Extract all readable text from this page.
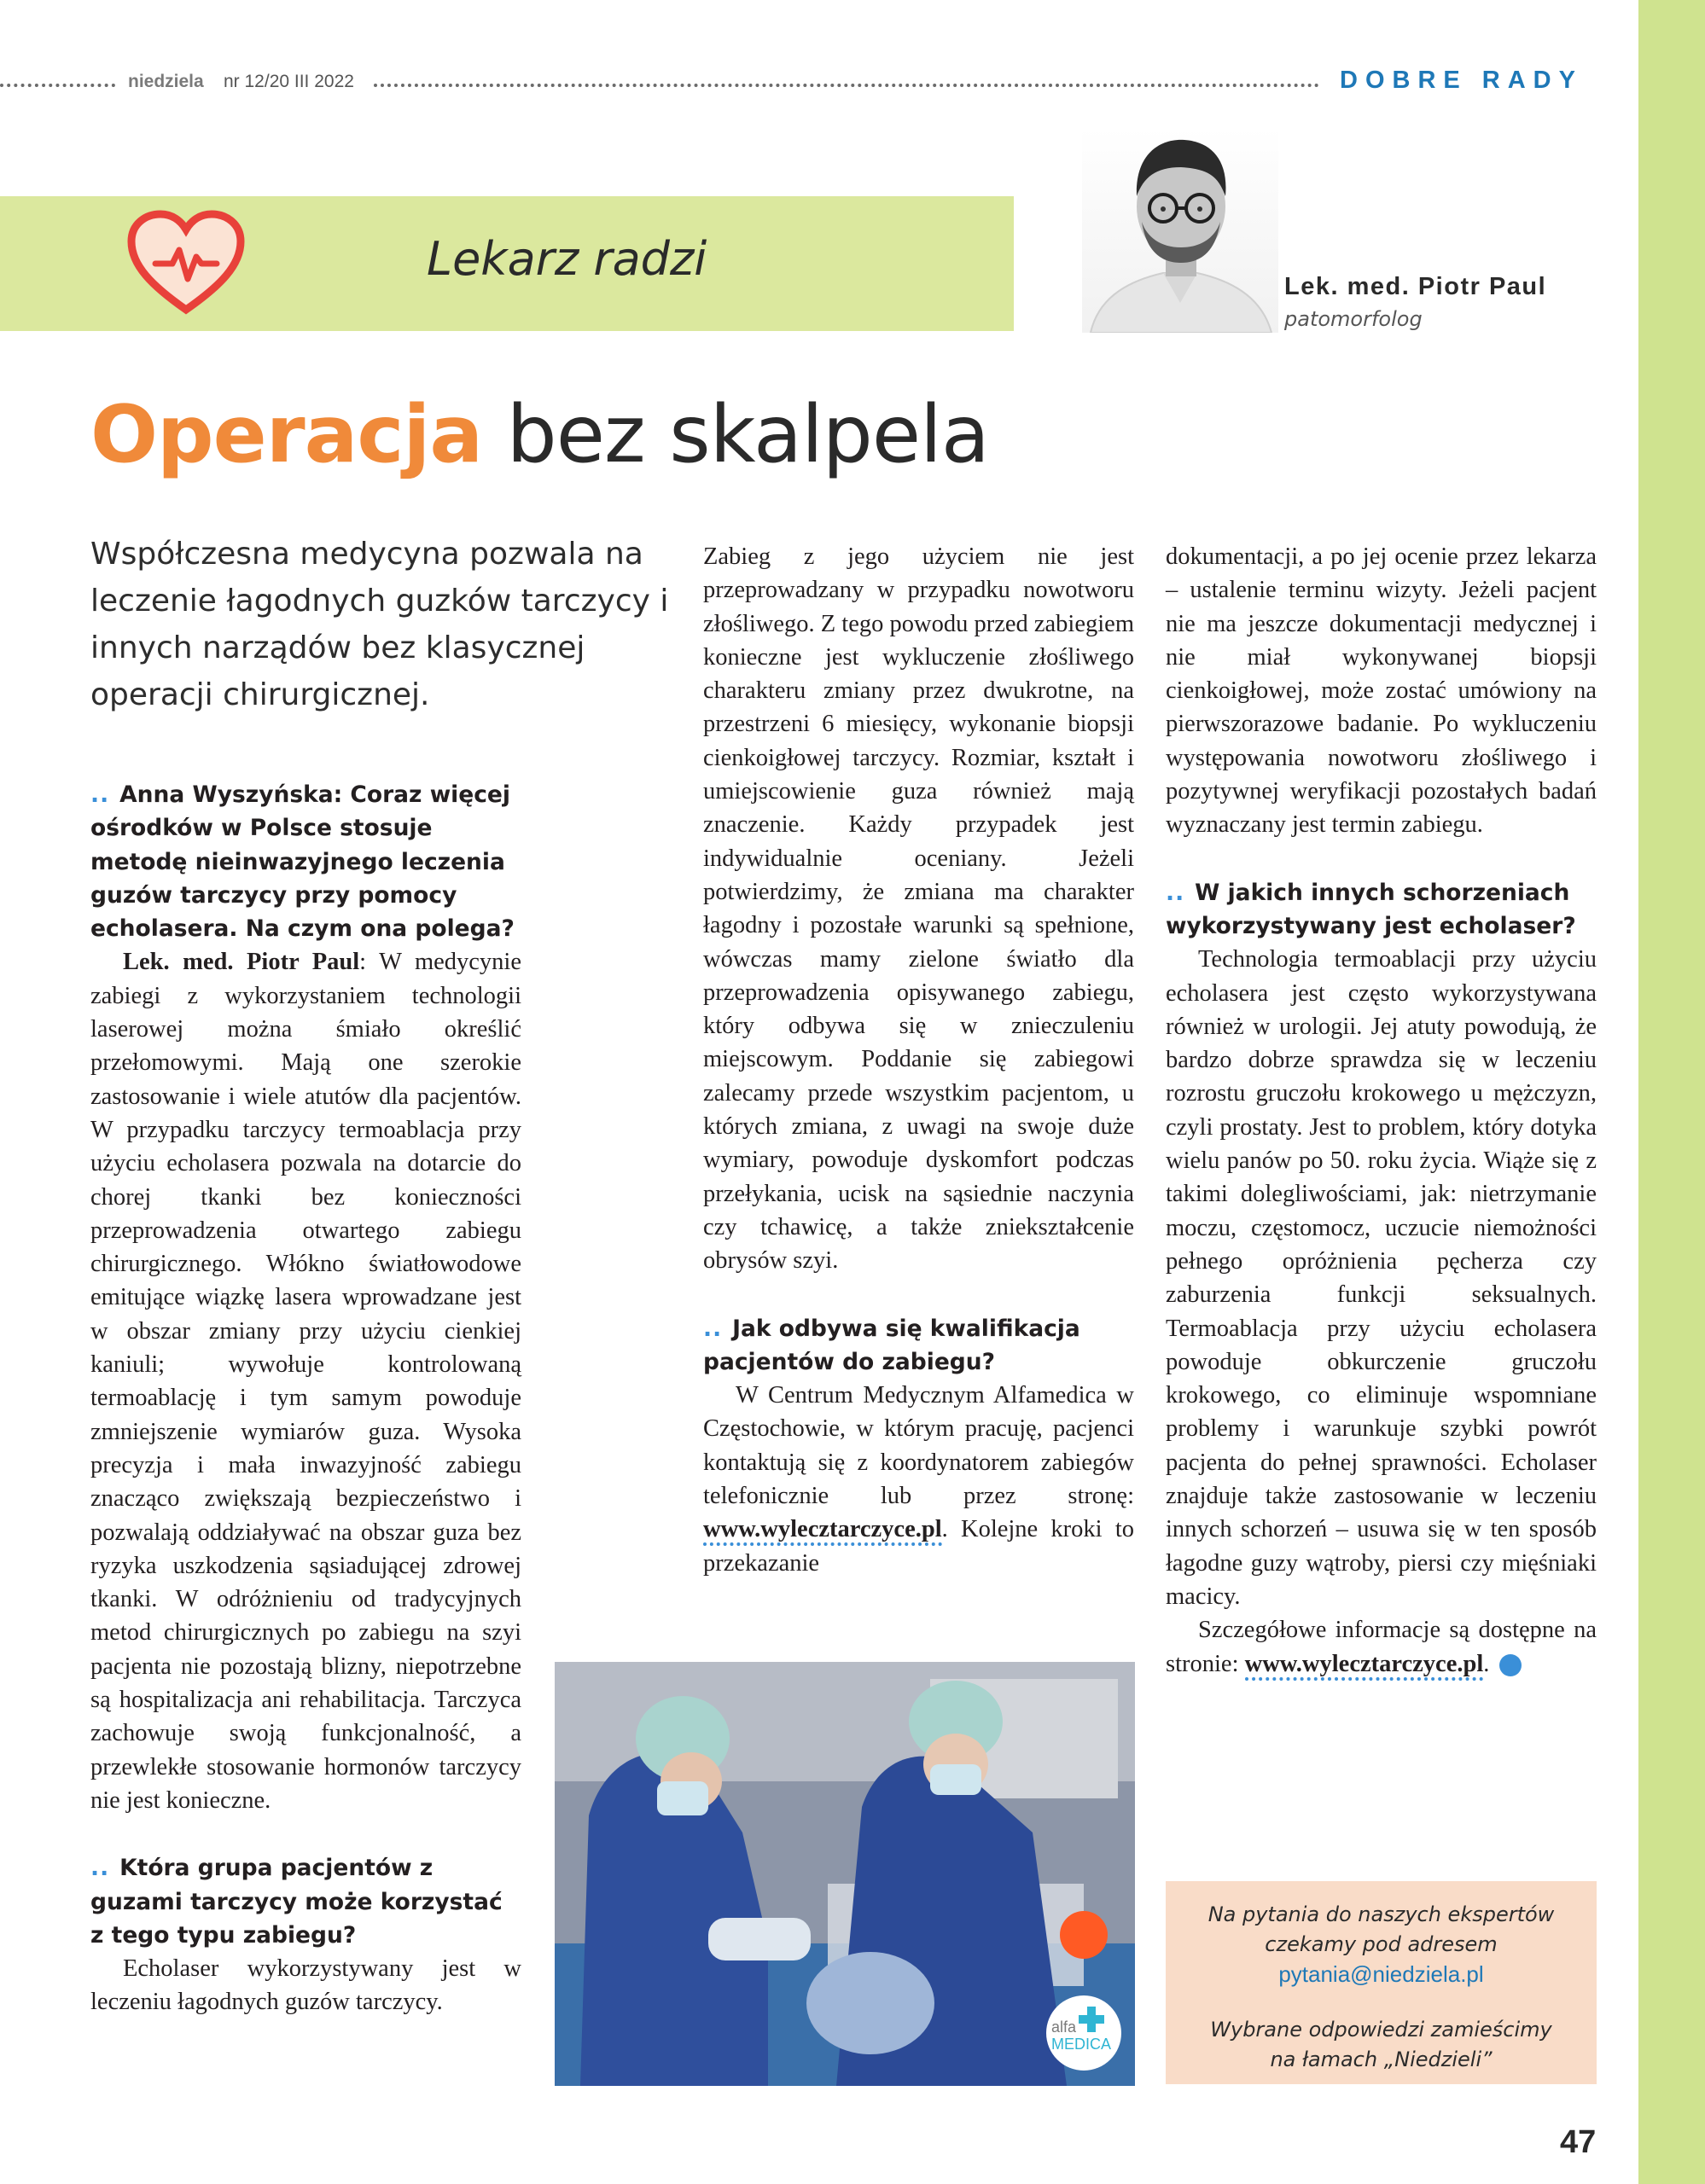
niedziela nr 12/20 III 2022	DOBRE RADY
Lekarz radzi
Lek. med. Piotr Paul
patomorfolog
Operacja bez skalpela
Współczesna medycyna pozwala na leczenie łagodnych guzków tarczycy i innych narządów bez klasycznej operacji chirurgicznej.

.. Anna Wyszyńska: Coraz więcej ośrodków w Polsce stosuje metodę nieinwazyjnego leczenia guzów tarczycy przy pomocy echolasera. Na czym ona polega?

Lek. med. Piotr Paul: W medycynie zabiegi z wykorzystaniem technologii laserowej można śmiało określić przełomowymi. Mają one szerokie zastosowanie i wiele atutów dla pacjentów. W przypadku tarczycy termoablacja przy użyciu echolasera pozwala na dotarcie do chorej tkanki bez konieczności przeprowadzenia otwartego zabiegu chirurgicznego. Włókno światłowodowe emitujące wiązkę lasera wprowadzane jest w obszar zmiany przy użyciu cienkiej kaniuli; wywołuje kontrolowaną termoablację i tym samym powoduje zmniejszenie wymiarów guza. Wysoka precyzja i mała inwazyjność zabiegu znacząco zwiększają bezpieczeństwo i pozwalają oddziaływać na obszar guza bez ryzyka uszkodzenia sąsiadującej zdrowej tkanki. W odróżnieniu od tradycyjnych metod chirurgicznych po zabiegu na szyi pacjenta nie pozostają blizny, niepotrzebne są hospitalizacja ani rehabilitacja. Tarczyca zachowuje swoją funkcjonalność, a przewlekłe stosowanie hormonów tarczycy nie jest konieczne.

.. Która grupa pacjentów z guzami tarczycy może korzystać z tego typu zabiegu?

Echolaser wykorzystywany jest w leczeniu łagodnych guzów tarczycy.

Zabieg z jego użyciem nie jest przeprowadzany w przypadku nowotworu złośliwego. Z tego powodu przed zabiegiem konieczne jest wykluczenie złośliwego charakteru zmiany przez dwukrotne, na przestrzeni 6 miesięcy, wykonanie biopsji cienkoigłowej tarczycy. Rozmiar, kształt i umiejscowienie guza również mają znaczenie. Każdy przypadek jest indywidualnie oceniany. Jeżeli potwierdzimy, że zmiana ma charakter łagodny i pozostałe warunki są spełnione, wówczas mamy zielone światło dla przeprowadzenia opisywanego zabiegu, który odbywa się w znieczuleniu miejscowym. Poddanie się zabiegowi zalecamy przede wszystkim pacjentom, u których zmiana, z uwagi na swoje duże wymiary, powoduje dyskomfort podczas przełykania, ucisk na sąsiednie naczynia czy tchawicę, a także zniekształcenie obrysów szyi.

.. Jak odbywa się kwalifikacja pacjentów do zabiegu?

W Centrum Medycznym Alfamedica w Częstochowie, w którym pracuję, pacjenci kontaktują się z koordynatorem zabiegów telefonicznie lub przez stronę: www.wylecztarczyce.pl. Kolejne kroki to przekazanie

alfa
MEDICA

dokumentacji, a po jej ocenie przez lekarza – ustalenie terminu wizyty. Jeżeli pacjent nie ma jeszcze dokumentacji medycznej i nie miał wykonywanej biopsji cienkoigłowej, może zostać umówiony na pierwszorazowe badanie. Po wykluczeniu występowania nowotworu złośliwego i pozytywnej weryfikacji pozostałych badań wyznaczany jest termin zabiegu.

.. W jakich innych schorzeniach wykorzystywany jest echolaser?

Technologia termoablacji przy użyciu echolasera jest często wykorzystywana również w urologii. Jej atuty powodują, że bardzo dobrze sprawdza się w leczeniu rozrostu gruczołu krokowego u mężczyzn, czyli prostaty. Jest to problem, który dotyka wielu panów po 50. roku życia. Wiąże się z takimi dolegliwościami, jak: nietrzymanie moczu, częstomocz, uczucie niemożności pełnego opróżnienia pęcherza czy zaburzenia funkcji seksualnych. Termoablacja przy użyciu echolasera powoduje obkurczenie gruczołu krokowego, co eliminuje wspomniane problemy i warunkuje szybki powrót pacjenta do pełnej sprawności. Echolaser znajduje także zastosowanie w leczeniu innych schorzeń – usuwa się w ten sposób łagodne guzy wątroby, piersi czy mięśniaki macicy.

Szczegółowe informacje są dostępne na stronie: www.wylecztarczyce.pl.	n

Na pytania do naszych ekspertów
czekamy pod adresem
pytania@niedziela.pl
Wybrane odpowiedzi zamieścimy
na łamach „Niedzieli”
47
